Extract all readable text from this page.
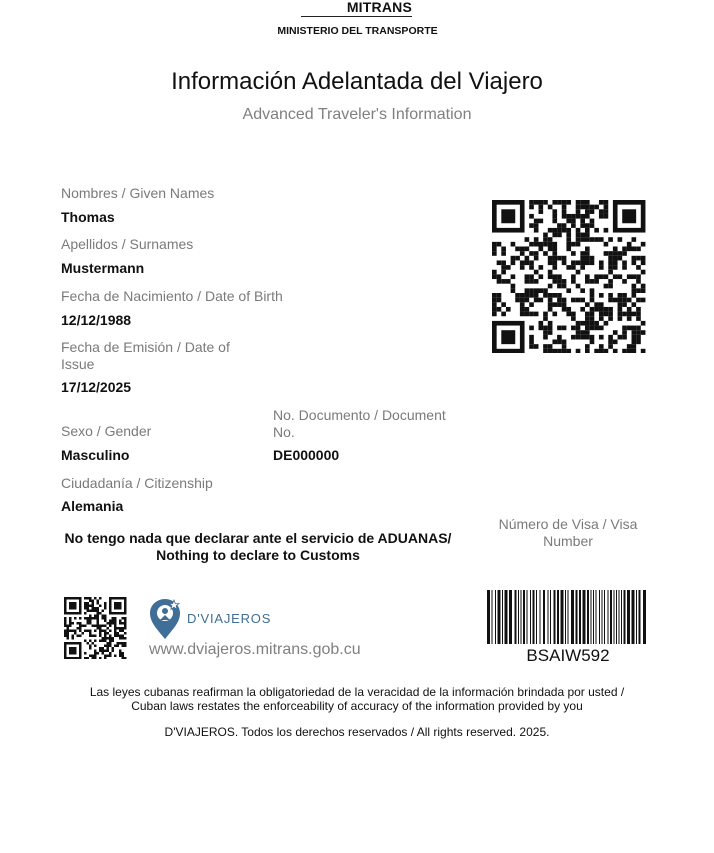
MITRANS
MINISTERIO DEL TRANSPORTE
Información Adelantada del Viajero
Advanced Traveler's Information
Nombres / Given Names
Thomas
Apellidos / Surnames
Mustermann
Fecha de Nacimiento / Date of Birth
12/12/1988
Fecha de Emisión / Date of
Issue
17/12/2025
No. Documento / Document
No.
Sexo / Gender
Masculino	DE000000
Ciudadanía / Citizenship
Alemania
No tengo nada que declarar ante el servicio de ADUANAS/
Nothing to declare to Customs
Número de Visa / Visa
Number
D'VIAJEROS
www.dviajeros.mitrans.gob.cu	BSAIW592
Las leyes cubanas reafirman la obligatoriedad de la veracidad de la información brindada por usted /
Cuban laws restates the enforceability of accuracy of the information provided by you
D'VIAJEROS. Todos los derechos reservados / All rights reserved. 2025.
